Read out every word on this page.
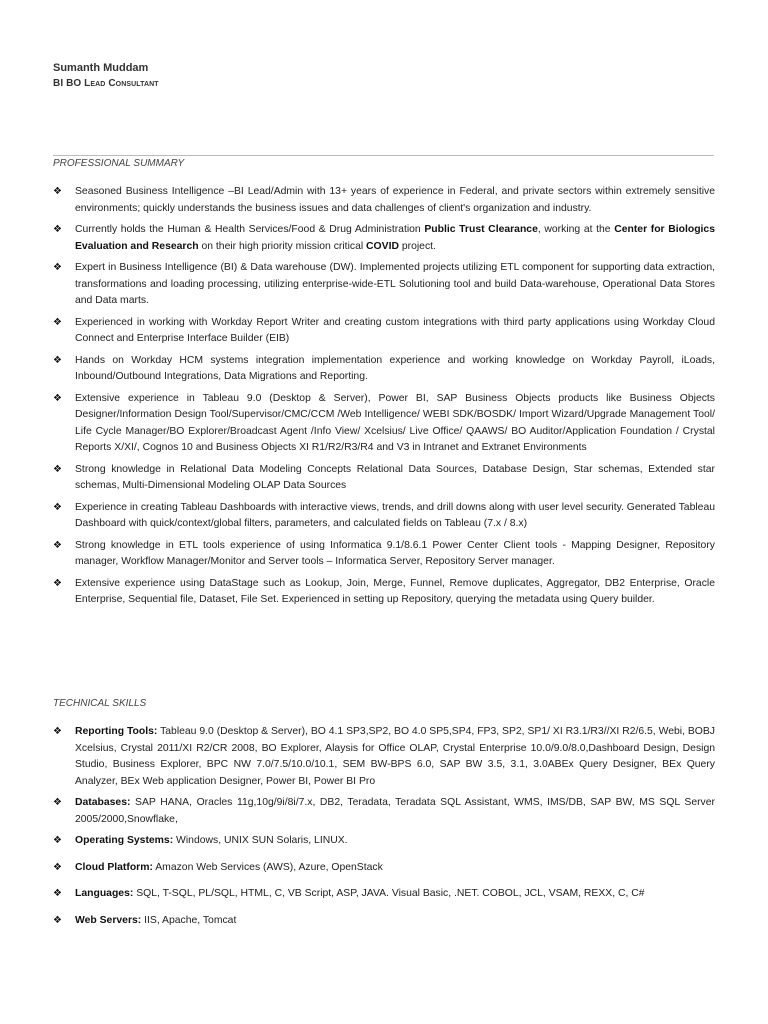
Sumanth Muddam
BI BO Lead Consultant
PROFESSIONAL SUMMARY
❖ Seasoned Business Intelligence –BI Lead/Admin with 13+ years of experience in Federal, and private sectors within extremely sensitive environments; quickly understands the business issues and data challenges of client's organization and industry.

❖ Currently holds the Human & Health Services/Food & Drug Administration Public Trust Clearance, working at the Center for Biologics Evaluation and Research on their high priority mission critical COVID project.

❖ Expert in Business Intelligence (BI) & Data warehouse (DW). Implemented projects utilizing ETL component for supporting data extraction, transformations and loading processing, utilizing enterprise-wide-ETL Solutioning tool and build Data-warehouse, Operational Data Stores and Data marts.

❖ Experienced in working with Workday Report Writer and creating custom integrations with third party applications using Workday Cloud Connect and Enterprise Interface Builder (EIB)

❖ Hands on Workday HCM systems integration implementation experience and working knowledge on Workday Payroll, iLoads, Inbound/Outbound Integrations, Data Migrations and Reporting.

❖ Extensive experience in Tableau 9.0 (Desktop & Server), Power BI, SAP Business Objects products like Business Objects Designer/Information Design Tool/Supervisor/CMC/CCM /Web Intelligence/ WEBI SDK/BOSDK/ Import Wizard/Upgrade Management Tool/ Life Cycle Manager/BO Explorer/Broadcast Agent /Info View/ Xcelsius/ Live Office/ QAAWS/ BO Auditor/Application Foundation / Crystal Reports X/XI/, Cognos 10 and Business Objects XI R1/R2/R3/R4 and V3 in Intranet and Extranet Environments

❖ Strong knowledge in Relational Data Modeling Concepts Relational Data Sources, Database Design, Star schemas, Extended star schemas, Multi-Dimensional Modeling OLAP Data Sources

❖ Experience in creating Tableau Dashboards with interactive views, trends, and drill downs along with user level security. Generated Tableau Dashboard with quick/context/global filters, parameters, and calculated fields on Tableau (7.x / 8.x)

❖ Strong knowledge in ETL tools experience of using Informatica 9.1/8.6.1 Power Center Client tools - Mapping Designer, Repository manager, Workflow Manager/Monitor and Server tools – Informatica Server, Repository Server manager.

❖ Extensive experience using DataStage such as Lookup, Join, Merge, Funnel, Remove duplicates, Aggregator, DB2 Enterprise, Oracle Enterprise, Sequential file, Dataset, File Set. Experienced in setting up Repository, querying the metadata using Query builder.

TECHNICAL SKILLS
❖ Reporting Tools: Tableau 9.0 (Desktop & Server), BO 4.1 SP3,SP2, BO 4.0 SP5,SP4, FP3, SP2, SP1/ XI R3.1/R3//XI R2/6.5, Webi, BOBJ Xcelsius, Crystal 2011/XI R2/CR 2008, BO Explorer, Alaysis for Office OLAP, Crystal Enterprise 10.0/9.0/8.0,Dashboard Design, Design Studio, Business Explorer, BPC NW 7.0/7.5/10.0/10.1, SEM BW-BPS 6.0, SAP BW 3.5, 3.1, 3.0ABEx Query Designer, BEx Query Analyzer, BEx Web application Designer, Power BI, Power BI Pro

❖ Databases: SAP HANA, Oracles 11g,10g/9i/8i/7.x, DB2, Teradata, Teradata SQL Assistant, WMS, IMS/DB, SAP BW, MS SQL Server 2005/2000,Snowflake,

❖ Operating Systems: Windows, UNIX SUN Solaris, LINUX.

❖ Cloud Platform: Amazon Web Services (AWS), Azure, OpenStack

❖ Languages: SQL, T-SQL, PL/SQL, HTML, C, VB Script, ASP, JAVA. Visual Basic, .NET. COBOL, JCL, VSAM, REXX, C, C#

❖ Web Servers: IIS, Apache, Tomcat
